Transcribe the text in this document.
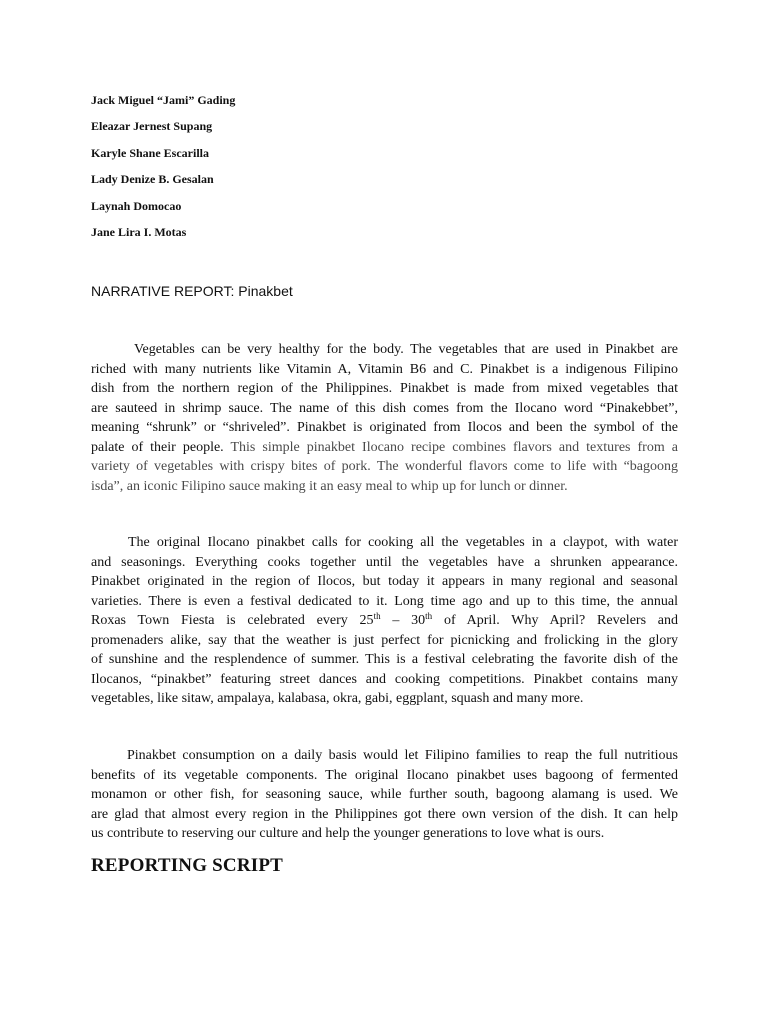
Jack Miguel “Jami” Gading
Eleazar Jernest Supang
Karyle Shane Escarilla
Lady Denize B. Gesalan
Laynah Domocao
Jane Lira I. Motas
NARRATIVE REPORT: Pinakbet
Vegetables can be very healthy for the body. The vegetables that are used in Pinakbet are
riched with many nutrients like Vitamin A, Vitamin B6 and C. Pinakbet is a indigenous Filipino
dish from the northern region of the Philippines. Pinakbet is made from mixed vegetables that
are sauteed in shrimp sauce. The name of this dish comes from the Ilocano word “Pinakebbet”,
meaning “shrunk” or “shriveled”. Pinakbet is originated from Ilocos and been the symbol of the
palate of their people. This simple pinakbet Ilocano recipe combines flavors and textures from a
variety of vegetables with crispy bites of pork. The wonderful flavors come to life with “bagoong
isda”, an iconic Filipino sauce making it an easy meal to whip up for lunch or dinner.
The original Ilocano pinakbet calls for cooking all the vegetables in a claypot, with water
and seasonings. Everything cooks together until the vegetables have a shrunken appearance.
Pinakbet originated in the region of Ilocos, but today it appears in many regional and seasonal
varieties. There is even a festival dedicated to it. Long time ago and up to this time, the annual
Roxas Town Fiesta is celebrated every 25th – 30th of April. Why April? Revelers and
promenaders alike, say that the weather is just perfect for picnicking and frolicking in the glory
of sunshine and the resplendence of summer. This is a festival celebrating the favorite dish of the
Ilocanos, “pinakbet” featuring street dances and cooking competitions. Pinakbet contains many
vegetables, like sitaw, ampalaya, kalabasa, okra, gabi, eggplant, squash and many more.
Pinakbet consumption on a daily basis would let Filipino families to reap the full nutritious
benefits of its vegetable components. The original Ilocano pinakbet uses bagoong of fermented
monamon or other fish, for seasoning sauce, while further south, bagoong alamang is used. We
are glad that almost every region in the Philippines got there own version of the dish. It can help
us contribute to reserving our culture and help the younger generations to love what is ours.
REPORTING SCRIPT
